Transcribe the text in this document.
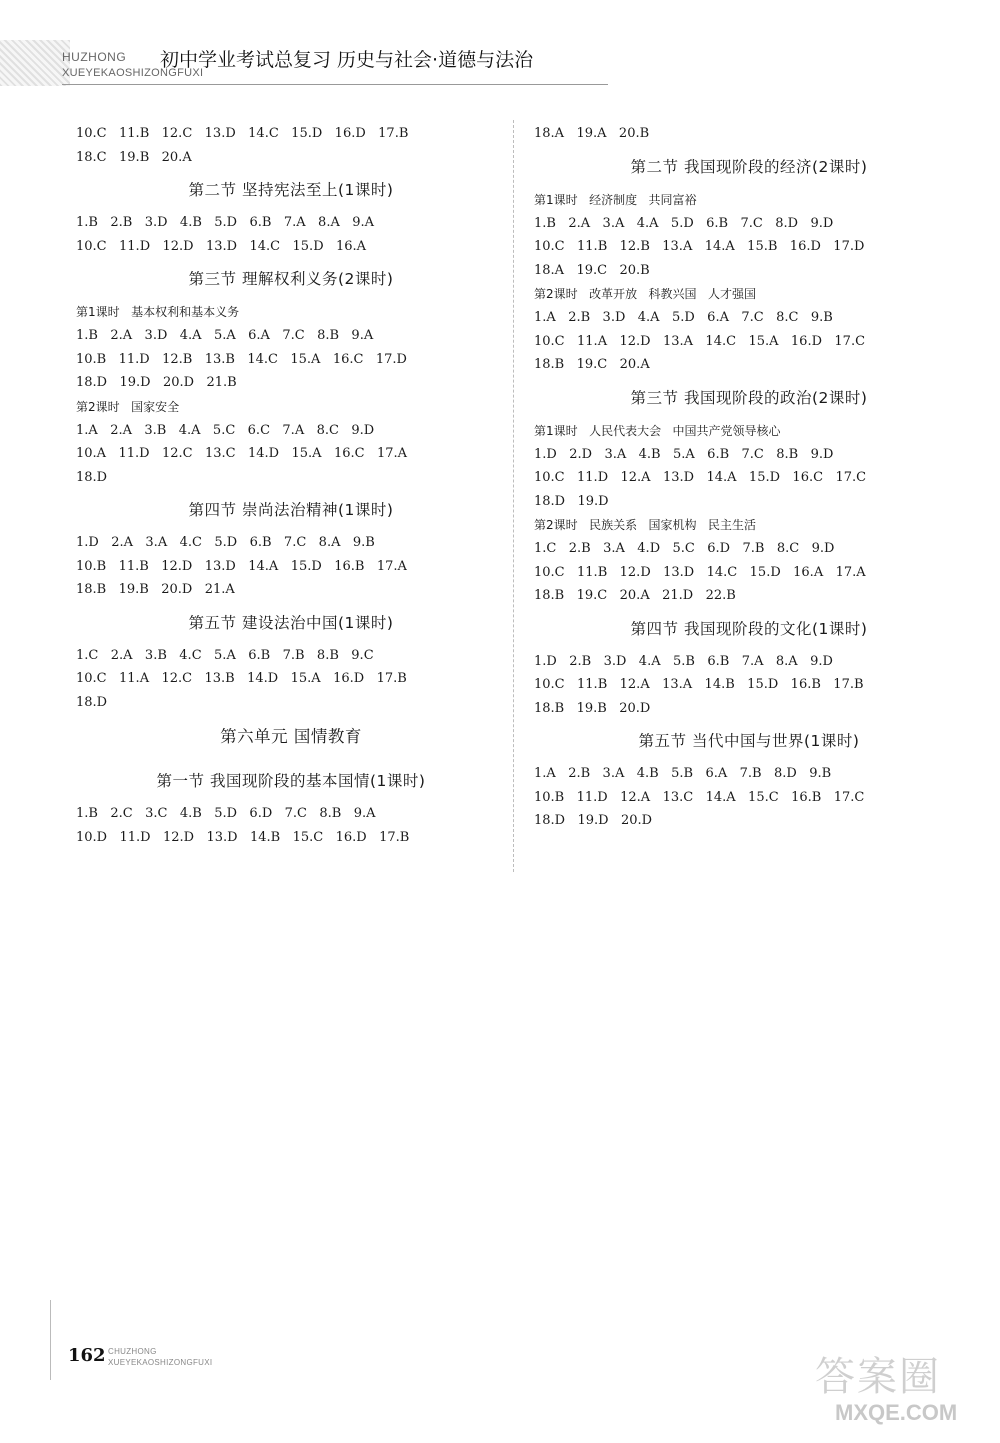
HUZHONG
XUEYEKAOSHIZONGFUXI
初中学业考试总复习 历史与社会·道德与法治
10.C   11.B   12.C   13.D   14.C   15.D   16.D   17.B
18.C   19.B   20.A
第二节 坚持宪法至上(1课时)
1.B   2.B   3.D   4.B   5.D   6.B   7.A   8.A   9.A
10.C   11.D   12.D   13.D   14.C   15.D   16.A
第三节 理解权利义务(2课时)
第1课时   基本权利和基本义务
1.B   2.A   3.D   4.A   5.A   6.A   7.C   8.B   9.A
10.B   11.D   12.B   13.B   14.C   15.A   16.C   17.D
18.D   19.D   20.D   21.B
第2课时   国家安全
1.A   2.A   3.B   4.A   5.C   6.C   7.A   8.C   9.D
10.A   11.D   12.C   13.C   14.D   15.A   16.C   17.A
18.D
第四节 崇尚法治精神(1课时)
1.D   2.A   3.A   4.C   5.D   6.B   7.C   8.A   9.B
10.B   11.B   12.D   13.D   14.A   15.D   16.B   17.A
18.B   19.B   20.D   21.A
第五节 建设法治中国(1课时)
1.C   2.A   3.B   4.C   5.A   6.B   7.B   8.B   9.C
10.C   11.A   12.C   13.B   14.D   15.A   16.D   17.B
18.D
第六单元 国情教育
第一节 我国现阶段的基本国情(1课时)
1.B   2.C   3.C   4.B   5.D   6.D   7.C   8.B   9.A
10.D   11.D   12.D   13.D   14.B   15.C   16.D   17.B
18.A   19.A   20.B
第二节 我国现阶段的经济(2课时)
第1课时   经济制度   共同富裕
1.B   2.A   3.A   4.A   5.D   6.B   7.C   8.D   9.D
10.C   11.B   12.B   13.A   14.A   15.B   16.D   17.D
18.A   19.C   20.B
第2课时   改革开放   科教兴国   人才强国
1.A   2.B   3.D   4.A   5.D   6.A   7.C   8.C   9.B
10.C   11.A   12.D   13.A   14.C   15.A   16.D   17.C
18.B   19.C   20.A
第三节 我国现阶段的政治(2课时)
第1课时   人民代表大会   中国共产党领导核心
1.D   2.D   3.A   4.B   5.A   6.B   7.C   8.B   9.D
10.C   11.D   12.A   13.D   14.A   15.D   16.C   17.C
18.D   19.D
第2课时   民族关系   国家机构   民主生活
1.C   2.B   3.A   4.D   5.C   6.D   7.B   8.C   9.D
10.C   11.B   12.D   13.D   14.C   15.D   16.A   17.A
18.B   19.C   20.A   21.D   22.B
第四节 我国现阶段的文化(1课时)
1.D   2.B   3.D   4.A   5.B   6.B   7.A   8.A   9.D
10.C   11.B   12.A   13.A   14.B   15.D   16.B   17.B
18.B   19.B   20.D
第五节 当代中国与世界(1课时)
1.A   2.B   3.A   4.B   5.B   6.A   7.B   8.D   9.B
10.B   11.D   12.A   13.C   14.A   15.C   16.B   17.C
18.D   19.D   20.D
162 CHUZHONG
XUEYEKAOSHIZONGFUXI	答案圈
MXQE.COM
